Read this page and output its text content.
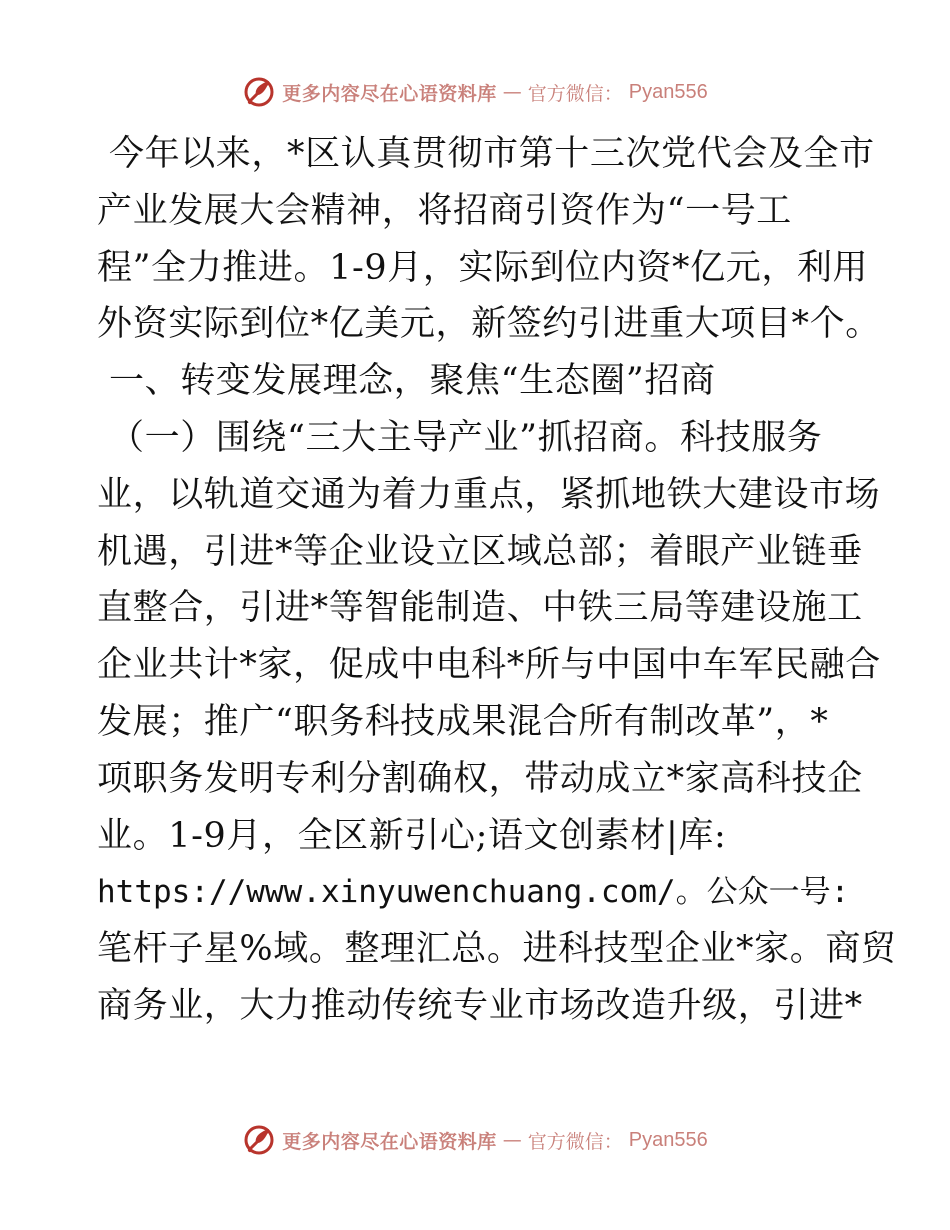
更多内容尽在心语资料库 — 官方微信： Pyan556
今年以来，*区认真贯彻市第十三次党代会及全市
产业发展大会精神，将招商引资作为“一号工
程”全力推进。1-9月，实际到位内资*亿元，利用
外资实际到位*亿美元，新签约引进重大项目*个。
一、转变发展理念，聚焦“生态圈”招商
（一）围绕“三大主导产业”抓招商。科技服务
业，以轨道交通为着力重点，紧抓地铁大建设市场
机遇，引进*等企业设立区域总部；着眼产业链垂
直整合，引进*等智能制造、中铁三局等建设施工
企业共计*家，促成中电科*所与中国中车军民融合
发展；推广“职务科技成果混合所有制改革”，*
项职务发明专利分割确权，带动成立*家高科技企
业。1-9月，全区新引心;语文创素材|库:
https://www.xinyuwenchuang.com/。公众一号:
笔杆子星%域。整理汇总。进科技型企业*家。商贸
商务业，大力推动传统专业市场改造升级，引进*
更多内容尽在心语资料库 — 官方微信： Pyan556
